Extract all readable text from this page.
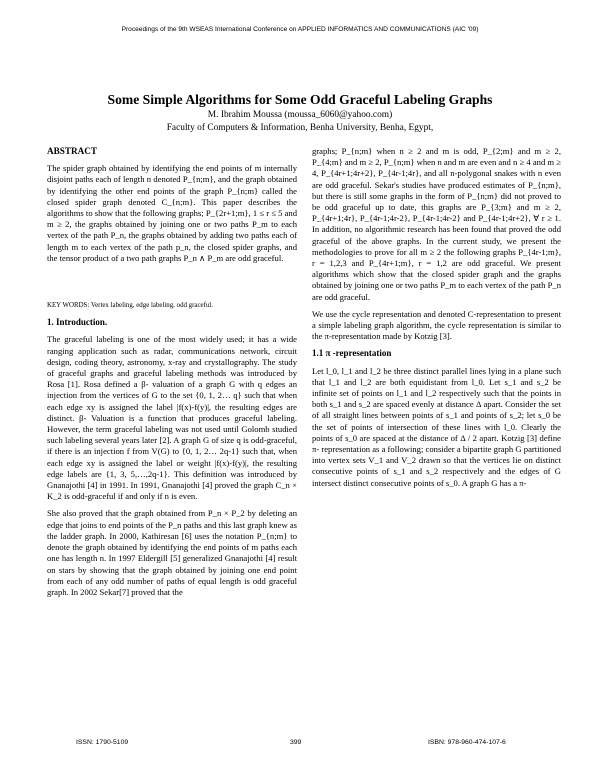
Proceedings of the 9th WSEAS International Conference on APPLIED INFORMATICS AND COMMUNICATIONS (AIC '09)
Some Simple Algorithms for Some Odd Graceful Labeling Graphs
M. Ibrahim Moussa (moussa_6060@yahoo.com)
Faculty of Computers & Information, Benha University, Benha, Egypt,

ABSTRACT

The spider graph obtained by identifying the end points of m internally disjoint paths each of length n denoted P_{n;m}, and the graph obtained by identifying the other end points of the graph P_{n;m} called the closed spider graph denoted C_{n;m}. This paper describes the algorithms to show that the following graphs; P_{2r+1;m}, 1 ≤ r ≤ 5 and m ≥ 2, the graphs obtained by joining one or two paths P_m to each vertex of the path P_n, the graphs obtained by adding two paths each of length m to each vertex of the path p_n, the closed spider graphs, and the tensor product of a two path graphs P_n ∧ P_m are odd graceful.

KEY WORDS: Vertex labeling, edge labeling, odd graceful.

1. Introduction.

The graceful labeling is one of the most widely used; it has a wide ranging application such as radar, communications network, circuit design, coding theory, astronomy, x-ray and crystallography. The study of graceful graphs and graceful labeling methods was introduced by Rosa [1]. Rosa defined a β- valuation of a graph G with q edges an injection from the vertices of G to the set {0, 1, 2… q} such that when each edge xy is assigned the label |f(x)-f(y)|, the resulting edges are distinct. β- Valuation is a function that produces graceful labeling. However, the term graceful labeling was not used until Golomb studied such labeling several years later [2]. A graph G of size q is odd-graceful, if there is an injection f from V(G) to {0, 1, 2… 2q-1} such that, when each edge xy is assigned the label or weight |f(x)-f(y)|, the resulting edge labels are {1, 3, 5,…,2q-1}. This definition was introduced by Gnanajothi [4] in 1991. In 1991, Gnanajothi [4] proved the graph C_n × K_2 is odd-graceful if and only if n is even.

She also proved that the graph obtained from P_n × P_2 by deleting an edge that joins to end points of the P_n paths and this last graph knew as the ladder graph. In 2000, Kathiresan [6] uses the notation P_{n;m} to denote the graph obtained by identifying the end points of m paths each one has length n. In 1997 Eldergill [5] generalized Gnanajothi [4] result on stars by showing that the graph obtained by joining one end point from each of any odd number of paths of equal length is odd graceful graph. In 2002 Sekar[7] proved that the

graphs; P_{n;m} when n ≥ 2 and m is odd, P_{2;m} and m ≥ 2, P_{4;m} and m ≥ 2, P_{n;m} when n and m are even and n ≥ 4 and m ≥ 4, P_{4r+1;4r+2}, P_{4r-1;4r}, and all n-polygonal snakes with n even are odd graceful. Sekar's studies have produced estimates of P_{n;m}, but there is still some graphs in the form of P_{n;m} did not proved to be odd graceful up to date, this graphs are P_{3;m} and m ≥ 2, P_{4r+1;4r}, P_{4r-1;4r-2}, P_{4r-1;4r-2} and P_{4r-1;4r+2}, ∀ r ≥ 1. In addition, no algorithmic research has been found that proved the odd graceful of the above graphs. In the current study, we present the methodologies to prove for all m ≥ 2 the following graphs P_{4r-1;m}, r = 1,2,3 and P_{4r+1;m}, r = 1,2 are odd graceful. We present algorithms which show that the closed spider graph and the graphs obtained by joining one or two paths P_m to each vertex of the path P_n are odd graceful.

We use the cycle representation and denoted C-representation to present a simple labeling graph algorithm, the cycle representation is similar to the π-representation made by Kotzig [3].

1.1 π -representation

Let l_0, l_1 and l_2 be three distinct parallel lines lying in a plane such that l_1 and l_2 are both equidistant from l_0. Let s_1 and s_2 be infinite set of points on l_1 and l_2 respectively such that the points in both s_1 and s_2 are spaced evenly at distance Δ apart. Consider the set of all straight lines between points of s_1 and points of s_2; let s_0 be the set of points of intersection of these lines with l_0. Clearly the points of s_0 are spaced at the distance of Δ / 2 apart. Kotzig [3] define π- representation as a following; consider a bipartite graph G partitioned into vertex sets V_1 and V_2 drawn so that the vertices lie on distinct consecutive points of s_1 and s_2 respectively and the edges of G intersect distinct consecutive points of s_0. A graph G has a π-

ISSN: 1790-5109	399	ISBN: 978-960-474-107-6
